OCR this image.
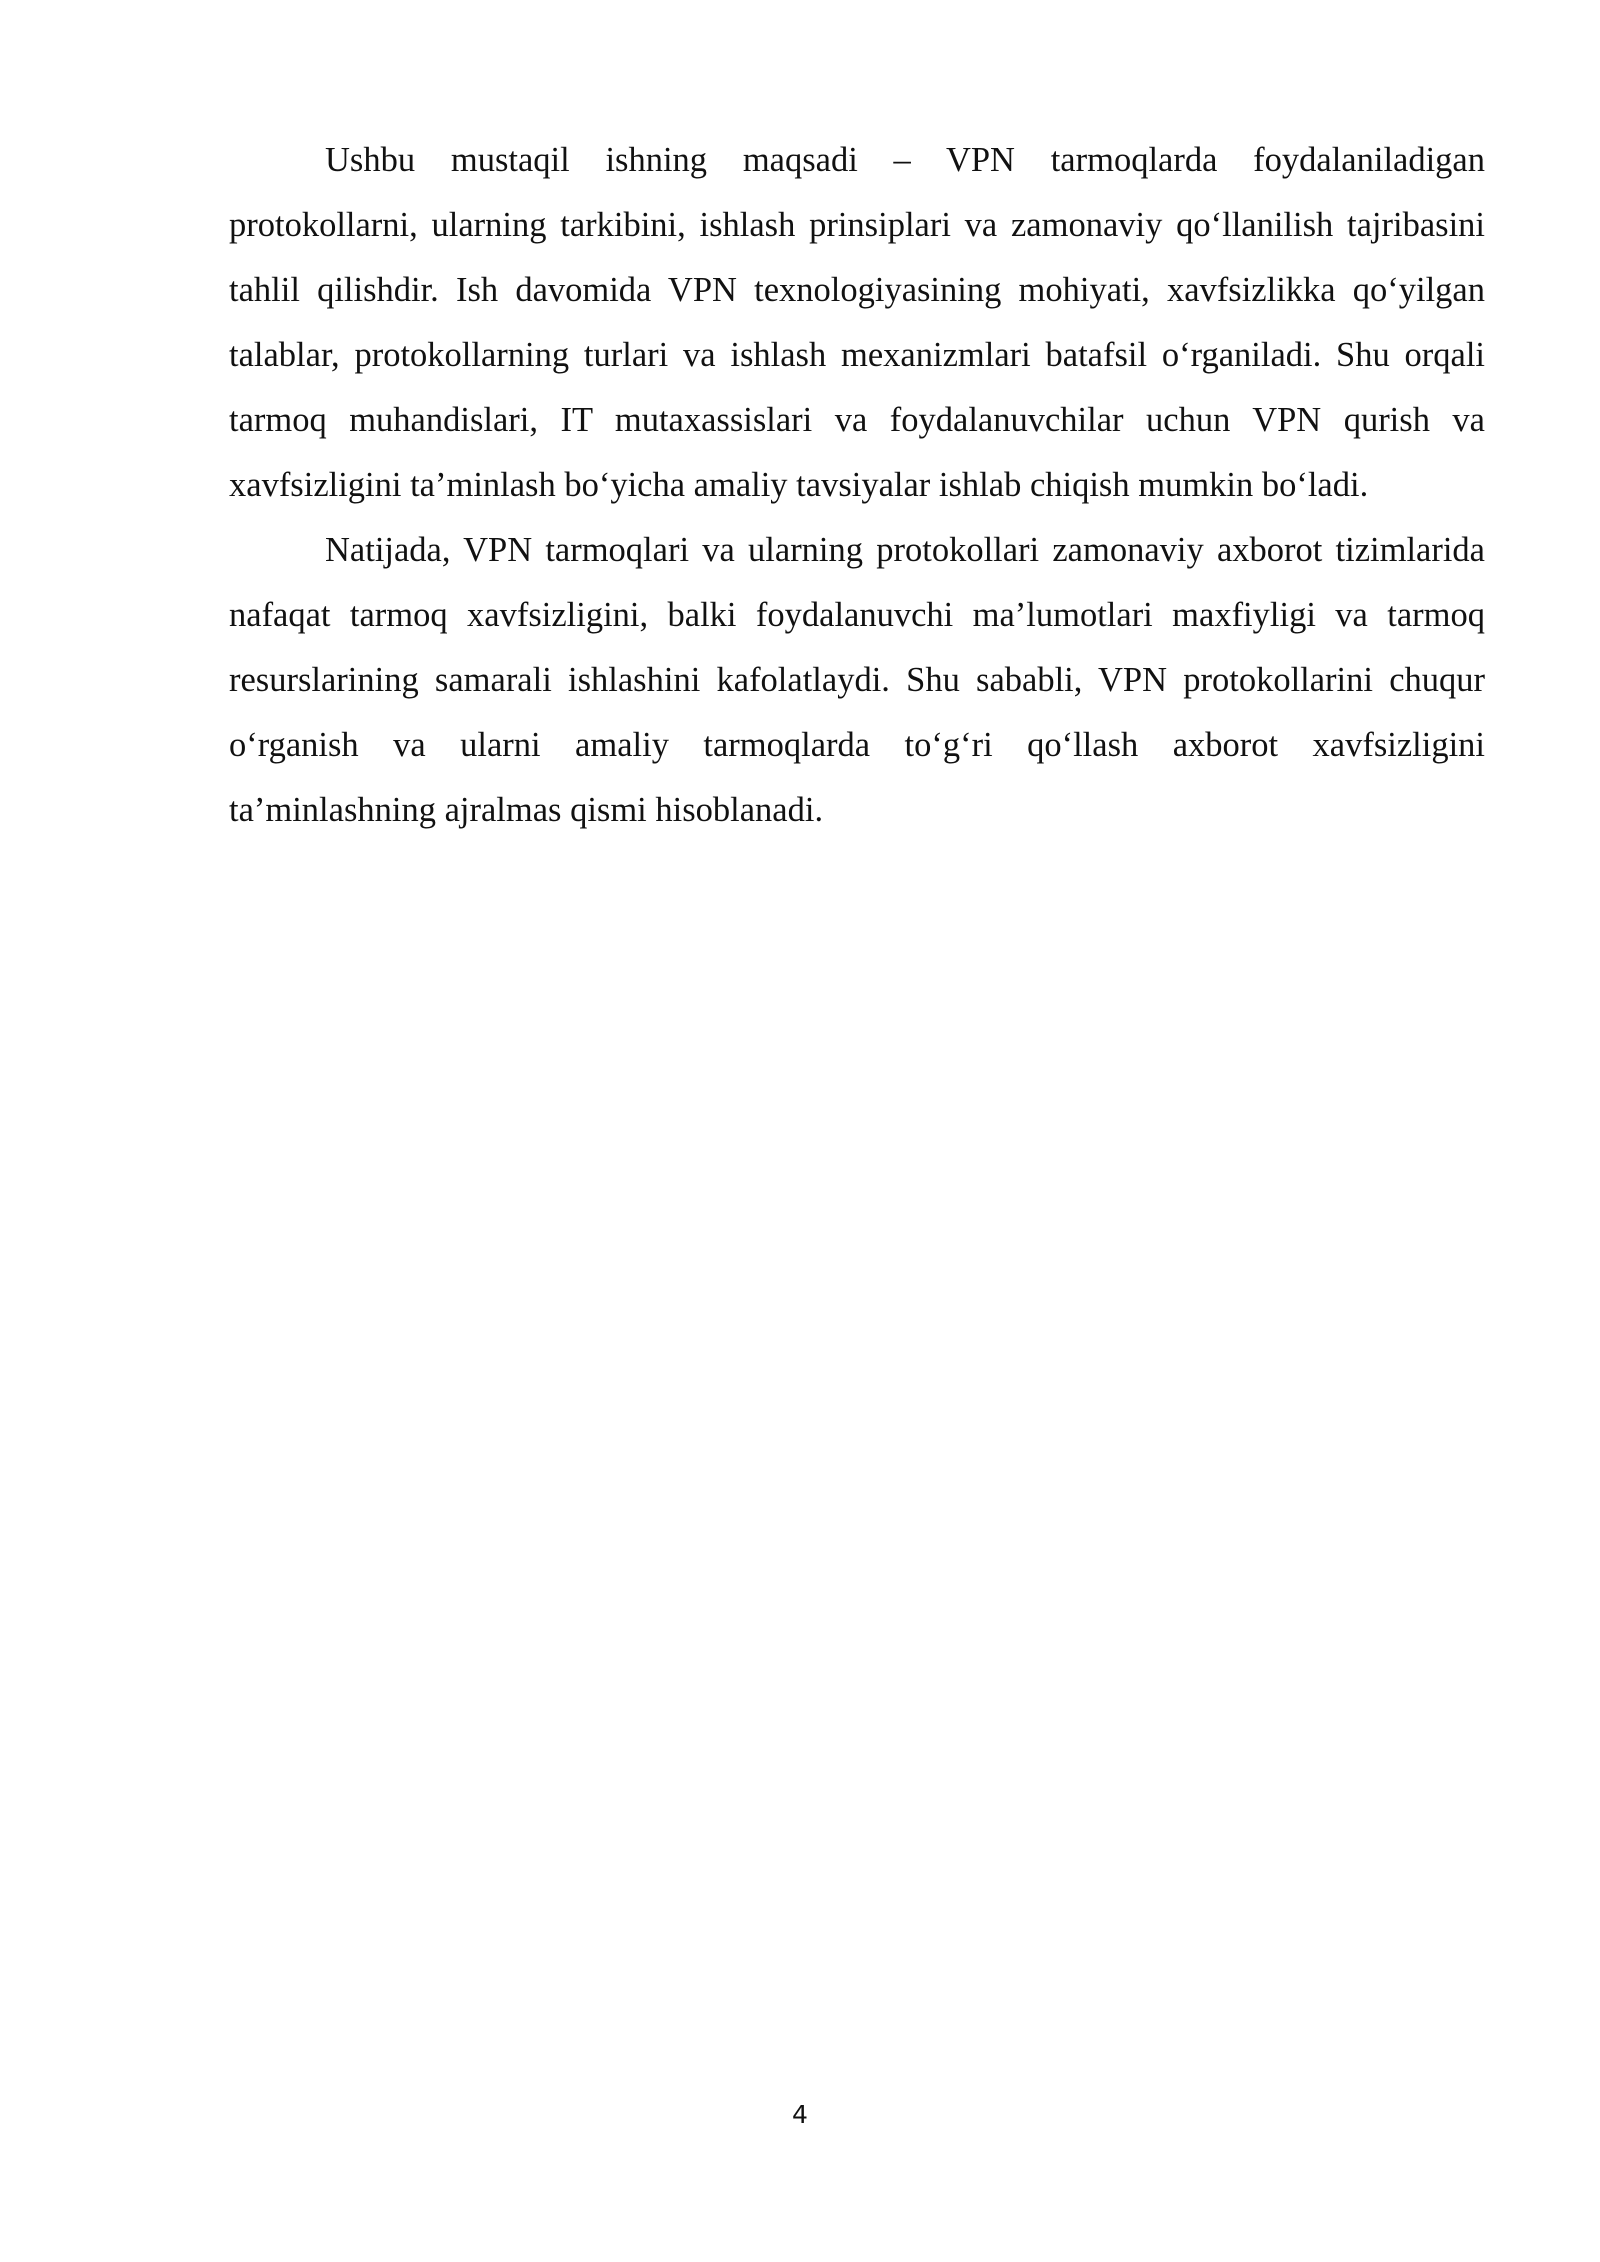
Ushbu mustaqil ishning maqsadi – VPN tarmoqlarda foydalaniladigan protokollarni, ularning tarkibini, ishlash prinsiplari va zamonaviy qo‘llanilish tajribasini tahlil qilishdir. Ish davomida VPN texnologiyasining mohiyati, xavfsizlikka qo‘yilgan talablar, protokollarning turlari va ishlash mexanizmlari batafsil o‘rganiladi. Shu orqali tarmoq muhandislari, IT mutaxassislari va foydalanuvchilar uchun VPN qurish va xavfsizligini ta’minlash bo‘yicha amaliy tavsiyalar ishlab chiqish mumkin bo‘ladi.

Natijada, VPN tarmoqlari va ularning protokollari zamonaviy axborot tizimlarida nafaqat tarmoq xavfsizligini, balki foydalanuvchi ma’lumotlari maxfiyligi va tarmoq resurslarining samarali ishlashini kafolatlaydi. Shu sababli, VPN protokollarini chuqur o‘rganish va ularni amaliy tarmoqlarda to‘g‘ri qo‘llash axborot xavfsizligini ta’minlashning ajralmas qismi hisoblanadi.

4
